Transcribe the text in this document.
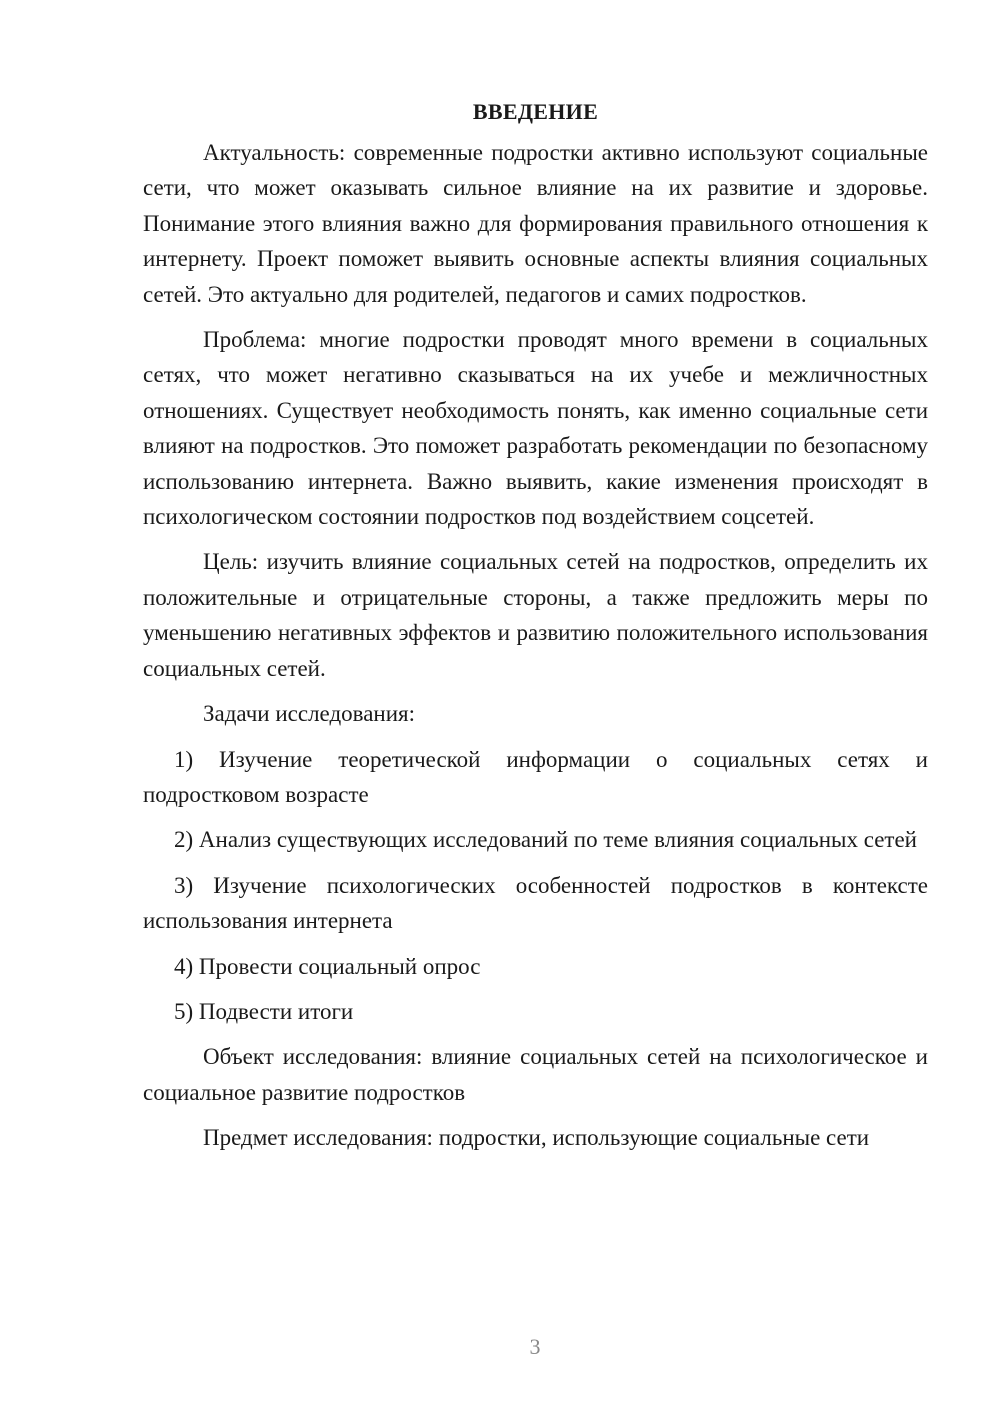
ВВЕДЕНИЕ

Актуальность: современные подростки активно используют социальные сети, что может оказывать сильное влияние на их развитие и здоровье. Понимание этого влияния важно для формирования правильного отношения к интернету. Проект поможет выявить основные аспекты влияния социальных сетей. Это актуально для родителей, педагогов и самих подростков.

Проблема: многие подростки проводят много времени в социальных сетях, что может негативно сказываться на их учебе и межличностных отношениях. Существует необходимость понять, как именно социальные сети влияют на подростков. Это поможет разработать рекомендации по безопасному использованию интернета. Важно выявить, какие изменения происходят в психологическом состоянии подростков под воздействием соцсетей.

Цель: изучить влияние социальных сетей на подростков, определить их положительные и отрицательные стороны, а также предложить меры по уменьшению негативных эффектов и развитию положительного использования социальных сетей.

Задачи исследования:

1) Изучение теоретической информации о социальных сетях и подростковом возрасте

2) Анализ существующих исследований по теме влияния социальных сетей

3) Изучение психологических особенностей подростков в контексте использования интернета

4) Провести социальный опрос

5) Подвести итоги

Объект исследования: влияние социальных сетей на психологическое и социальное развитие подростков

Предмет исследования: подростки, использующие социальные сети

3
